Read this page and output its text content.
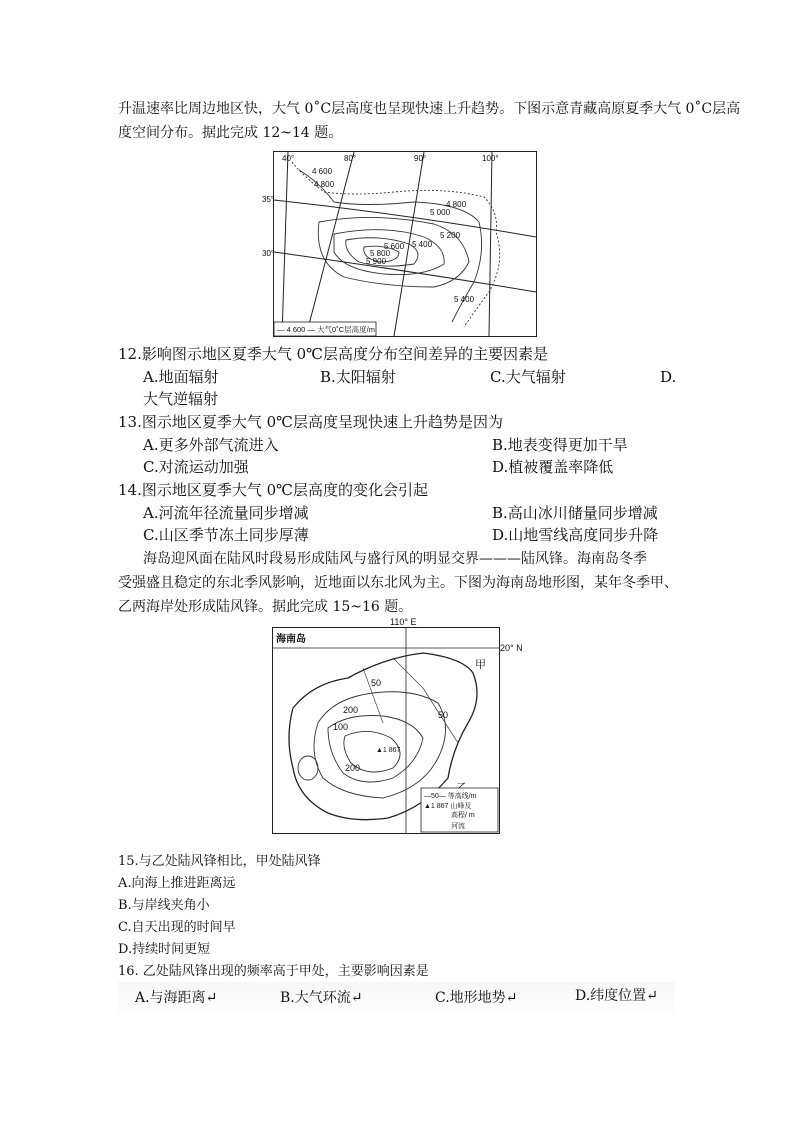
升温速率比周边地区快，大气 0˚C层高度也呈现快速上升趋势。下图示意青藏高原夏季大气 0˚C层高
度空间分布。据此完成 12~14 题。
40°	80°	90°	100°
35°
30°
4 600
4 800
4 800
5 000
5 200
5 400
5 600
5 800
5 900
5 400
— 4 600 — 大气0˚C层高度/m
12.影响图示地区夏季大气 0℃层高度分布空间差异的主要因素是
A.地面辐射	B.太阳辐射	C.大气辐射	D.
大气逆辐射
13.图示地区夏季大气 0℃层高度呈现快速上升趋势是因为
A.更多外部气流进入	B.地表变得更加干旱
C.对流运动加强	D.植被覆盖率降低
14.图示地区夏季大气 0℃层高度的变化会引起
A.河流年径流量同步增减	B.高山冰川储量同步增减
C.山区季节冻土同步厚薄	D.山地雪线高度同步升降
海岛迎风面在陆风时段易形成陆风与盛行风的明显交界———陆风锋。海南岛冬季
受强盛且稳定的东北季风影响，近地面以东北风为主。下图为海南岛地形图，某年冬季甲、
乙两海岸处形成陆风锋。据此完成 15~16 题。
海南岛
甲
50
50
200
100
200
▲1 867
—50— 等高线/m
▲1 867 山峰及
高程/ m
河流
110° E
20° N
15.与乙处陆风锋相比，甲处陆风锋
A.向海上推进距离远
B.与岸线夹角小
C.自天出现的时间早
D.持续时间更短
16. 乙处陆风锋出现的频率高于甲处，主要影响因素是
A.与海距离↵	B.大气环流↵	C.地形地势↵	D.纬度位置↵
